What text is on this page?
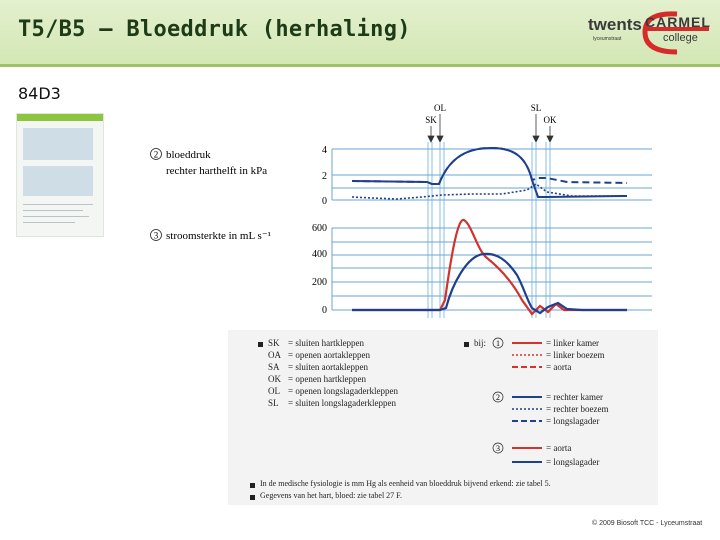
T5/B5 – Bloeddruk (herhaling)	twents
lyceumstraat
CARMEL
college
84D3
OL
SK
SL
OK
2 bloeddruk
rechter harthelft in kPa
4
2
0
3 stroomsterkte in mL s⁻¹
600
400
200
0
SK = sluiten hartkleppen
OA = openen aortakleppen
SA = sluiten aortakleppen
OK = openen hartkleppen
OL = openen longslagaderkleppen
SL = sluiten longslagaderkleppen
bij: 1
2
3
= linker kamer
= linker boezem
= aorta
= rechter kamer
= rechter boezem
= longslagader
= aorta
= longslagader
In de medische fysiologie is mm Hg als eenheid van bloeddruk bijvend erkend: zie tabel 5.
Gegevens van het hart, bloed: zie tabel 27 F.
© 2009 Biosoft TCC - Lyceumstraat
